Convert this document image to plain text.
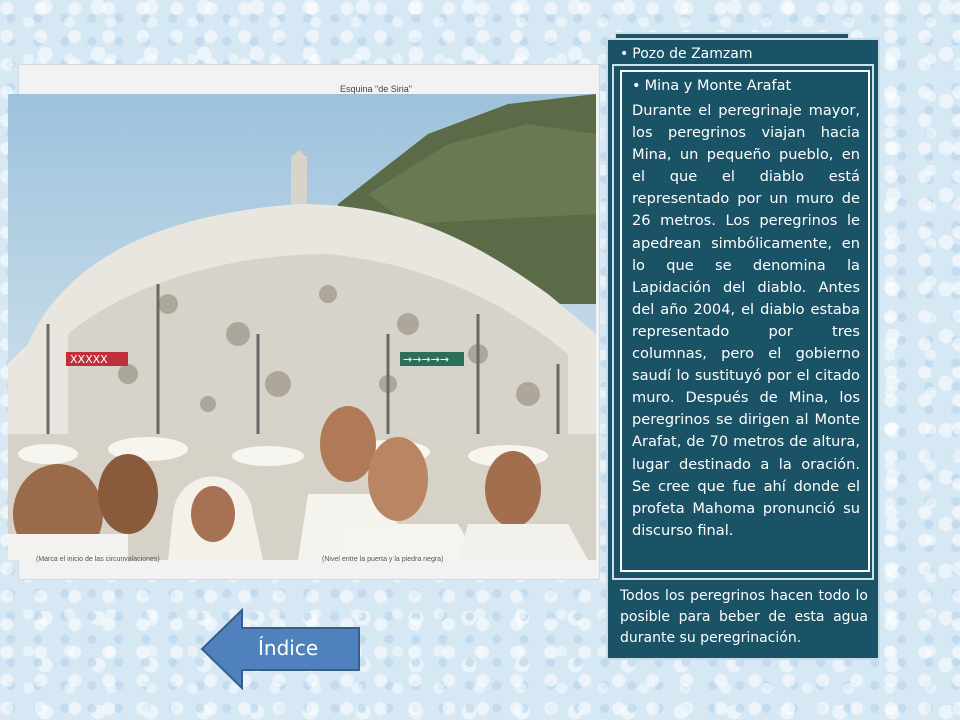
Esquina "de Siria"
XXXXX	→→→→→
(Marca el inicio de las circunvalaciones)	(Nivel entre la puerta y la piedra negra)
• Pozo de Zamzam
Todos los peregrinos hacen todo lo posible para beber de esta agua durante su peregrinación.
• Mina y Monte Arafat
Durante el peregrinaje mayor, los peregrinos viajan hacia Mina, un pequeño pueblo, en el que el diablo está representado por un muro de 26 metros. Los peregrinos le apedrean simbólicamente, en lo que se denomina la Lapidación del diablo. Antes del año 2004, el diablo estaba representado por tres columnas, pero el gobierno saudí lo sustituyó por el citado muro. Después de Mina, los peregrinos se dirigen al Monte Arafat, de 70 metros de altura, lugar destinado a la oración. Se cree que fue ahí donde el profeta Mahoma pronunció su discurso final.
Índice
